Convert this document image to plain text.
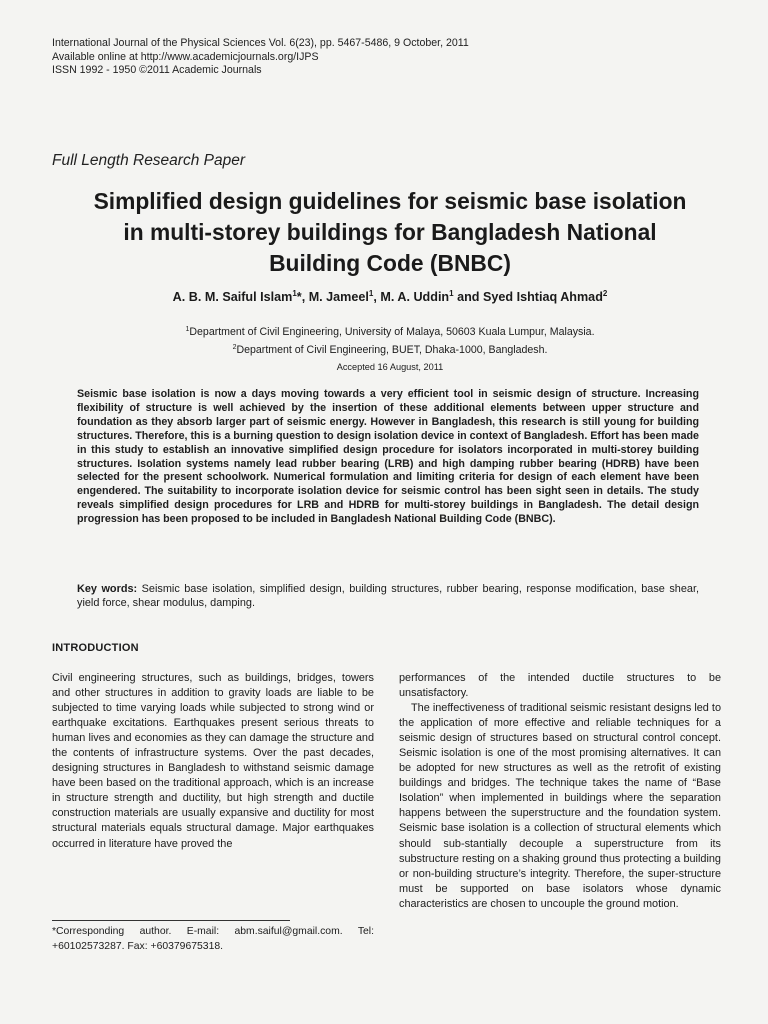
International Journal of the Physical Sciences Vol. 6(23), pp. 5467-5486, 9 October, 2011
Available online at http://www.academicjournals.org/IJPS
ISSN 1992 - 1950 ©2011 Academic Journals
Full Length Research Paper
Simplified design guidelines for seismic base isolation
in multi-storey buildings for Bangladesh National
Building Code (BNBC)
A. B. M. Saiful Islam$^1$*, M. Jameel$^1$, M. A. Uddin$^1$ and Syed Ishtiaq Ahmad$^2$
$^1$Department of Civil Engineering, University of Malaya, 50603 Kuala Lumpur, Malaysia.
$^2$Department of Civil Engineering, BUET, Dhaka-1000, Bangladesh.
Accepted 16 August, 2011
Seismic base isolation is now a days moving towards a very efficient tool in seismic design of structure. Increasing flexibility of structure is well achieved by the insertion of these additional elements between upper structure and foundation as they absorb larger part of seismic energy. However in Bangladesh, this research is still young for building structures. Therefore, this is a burning question to design isolation device in context of Bangladesh. Effort has been made in this study to establish an innovative simplified design procedure for isolators incorporated in multi-storey building structures. Isolation systems namely lead rubber bearing (LRB) and high damping rubber bearing (HDRB) have been selected for the present schoolwork. Numerical formulation and limiting criteria for design of each element have been engendered. The suitability to incorporate isolation device for seismic control has been sight seen in details. The study reveals simplified design procedures for LRB and HDRB for multi-storey buildings in Bangladesh. The detail design progression has been proposed to be included in Bangladesh National Building Code (BNBC).
Key words: Seismic base isolation, simplified design, building structures, rubber bearing, response modification, base shear, yield force, shear modulus, damping.
INTRODUCTION
Civil engineering structures, such as buildings, bridges, towers and other structures in addition to gravity loads are liable to be subjected to time varying loads while subjected to strong wind or earthquake excitations. Earthquakes present serious threats to human lives and economies as they can damage the structure and the contents of infrastructure systems. Over the past decades, designing structures in Bangladesh to withstand seismic damage have been based on the traditional approach, which is an increase in structure strength and ductility, but high strength and ductile construction materials are usually expansive and ductility for most structural materials equals structural damage. Major earthquakes occurred in literature have proved the

performances of the intended ductile structures to be unsatisfactory.

The ineffectiveness of traditional seismic resistant designs led to the application of more effective and reliable techniques for a seismic design of structures based on structural control concept. Seismic isolation is one of the most promising alternatives. It can be adopted for new structures as well as the retrofit of existing buildings and bridges. The technique takes the name of “Base Isolation” when implemented in buildings where the separation happens between the superstructure and the foundation system. Seismic base isolation is a collection of structural elements which should sub-stantially decouple a superstructure from its substructure resting on a shaking ground thus protecting a building or non-building structure’s integrity. Therefore, the super-structure must be supported on base isolators whose dynamic characteristics are chosen to uncouple the ground motion.

*Corresponding author. E-mail: abm.saiful@gmail.com. Tel: +60102573287. Fax: +60379675318.
